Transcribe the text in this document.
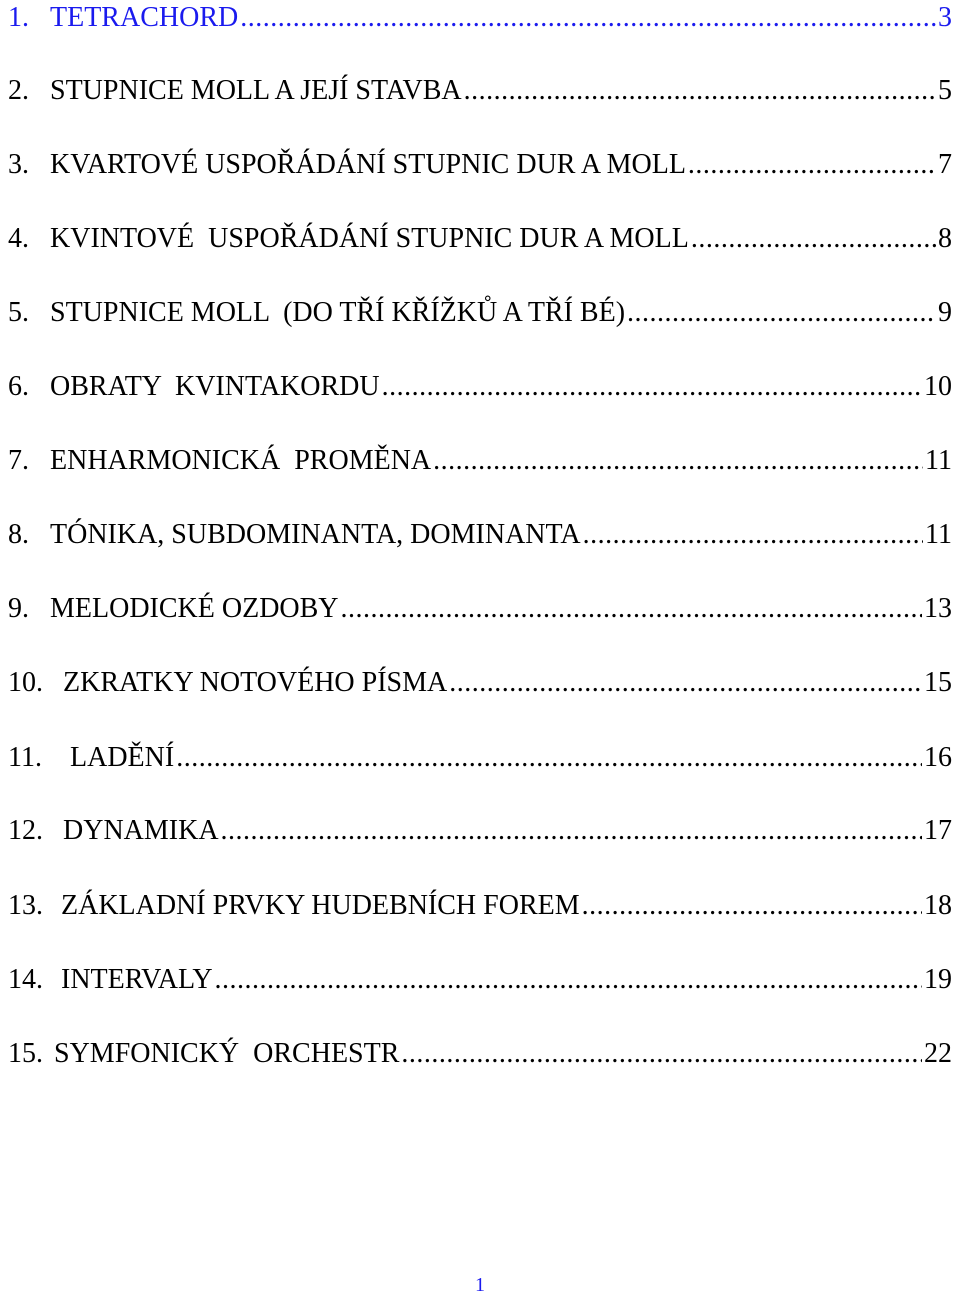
1. TETRACHORD .....	3
2. STUPNICE MOLL A JEJÍ STAVBA .....	5
3. KVARTOVÉ USPOŘÁDÁNÍ STUPNIC DUR A MOLL .....	7
4. KVINTOVÉ  USPOŘÁDÁNÍ STUPNIC DUR A MOLL .....	8
5. STUPNICE MOLL  (DO TŘÍ KŘÍŽKŮ A TŘÍ BÉ) .....	9
6. OBRATY  KVINTAKORDU .....	10
7. ENHARMONICKÁ  PROMĚNA .....	11
8. TÓNIKA, SUBDOMINANTA, DOMINANTA .....	11
9. MELODICKÉ OZDOBY .....	13
10. ZKRATKY NOTOVÉHO PÍSMA .....	15
11. LADĚNÍ .....	16
12. DYNAMIKA .....	17
13. ZÁKLADNÍ PRVKY HUDEBNÍCH FOREM .....	18
14. INTERVALY .....	19
15. SYMFONICKÝ  ORCHESTR .....	22
1
